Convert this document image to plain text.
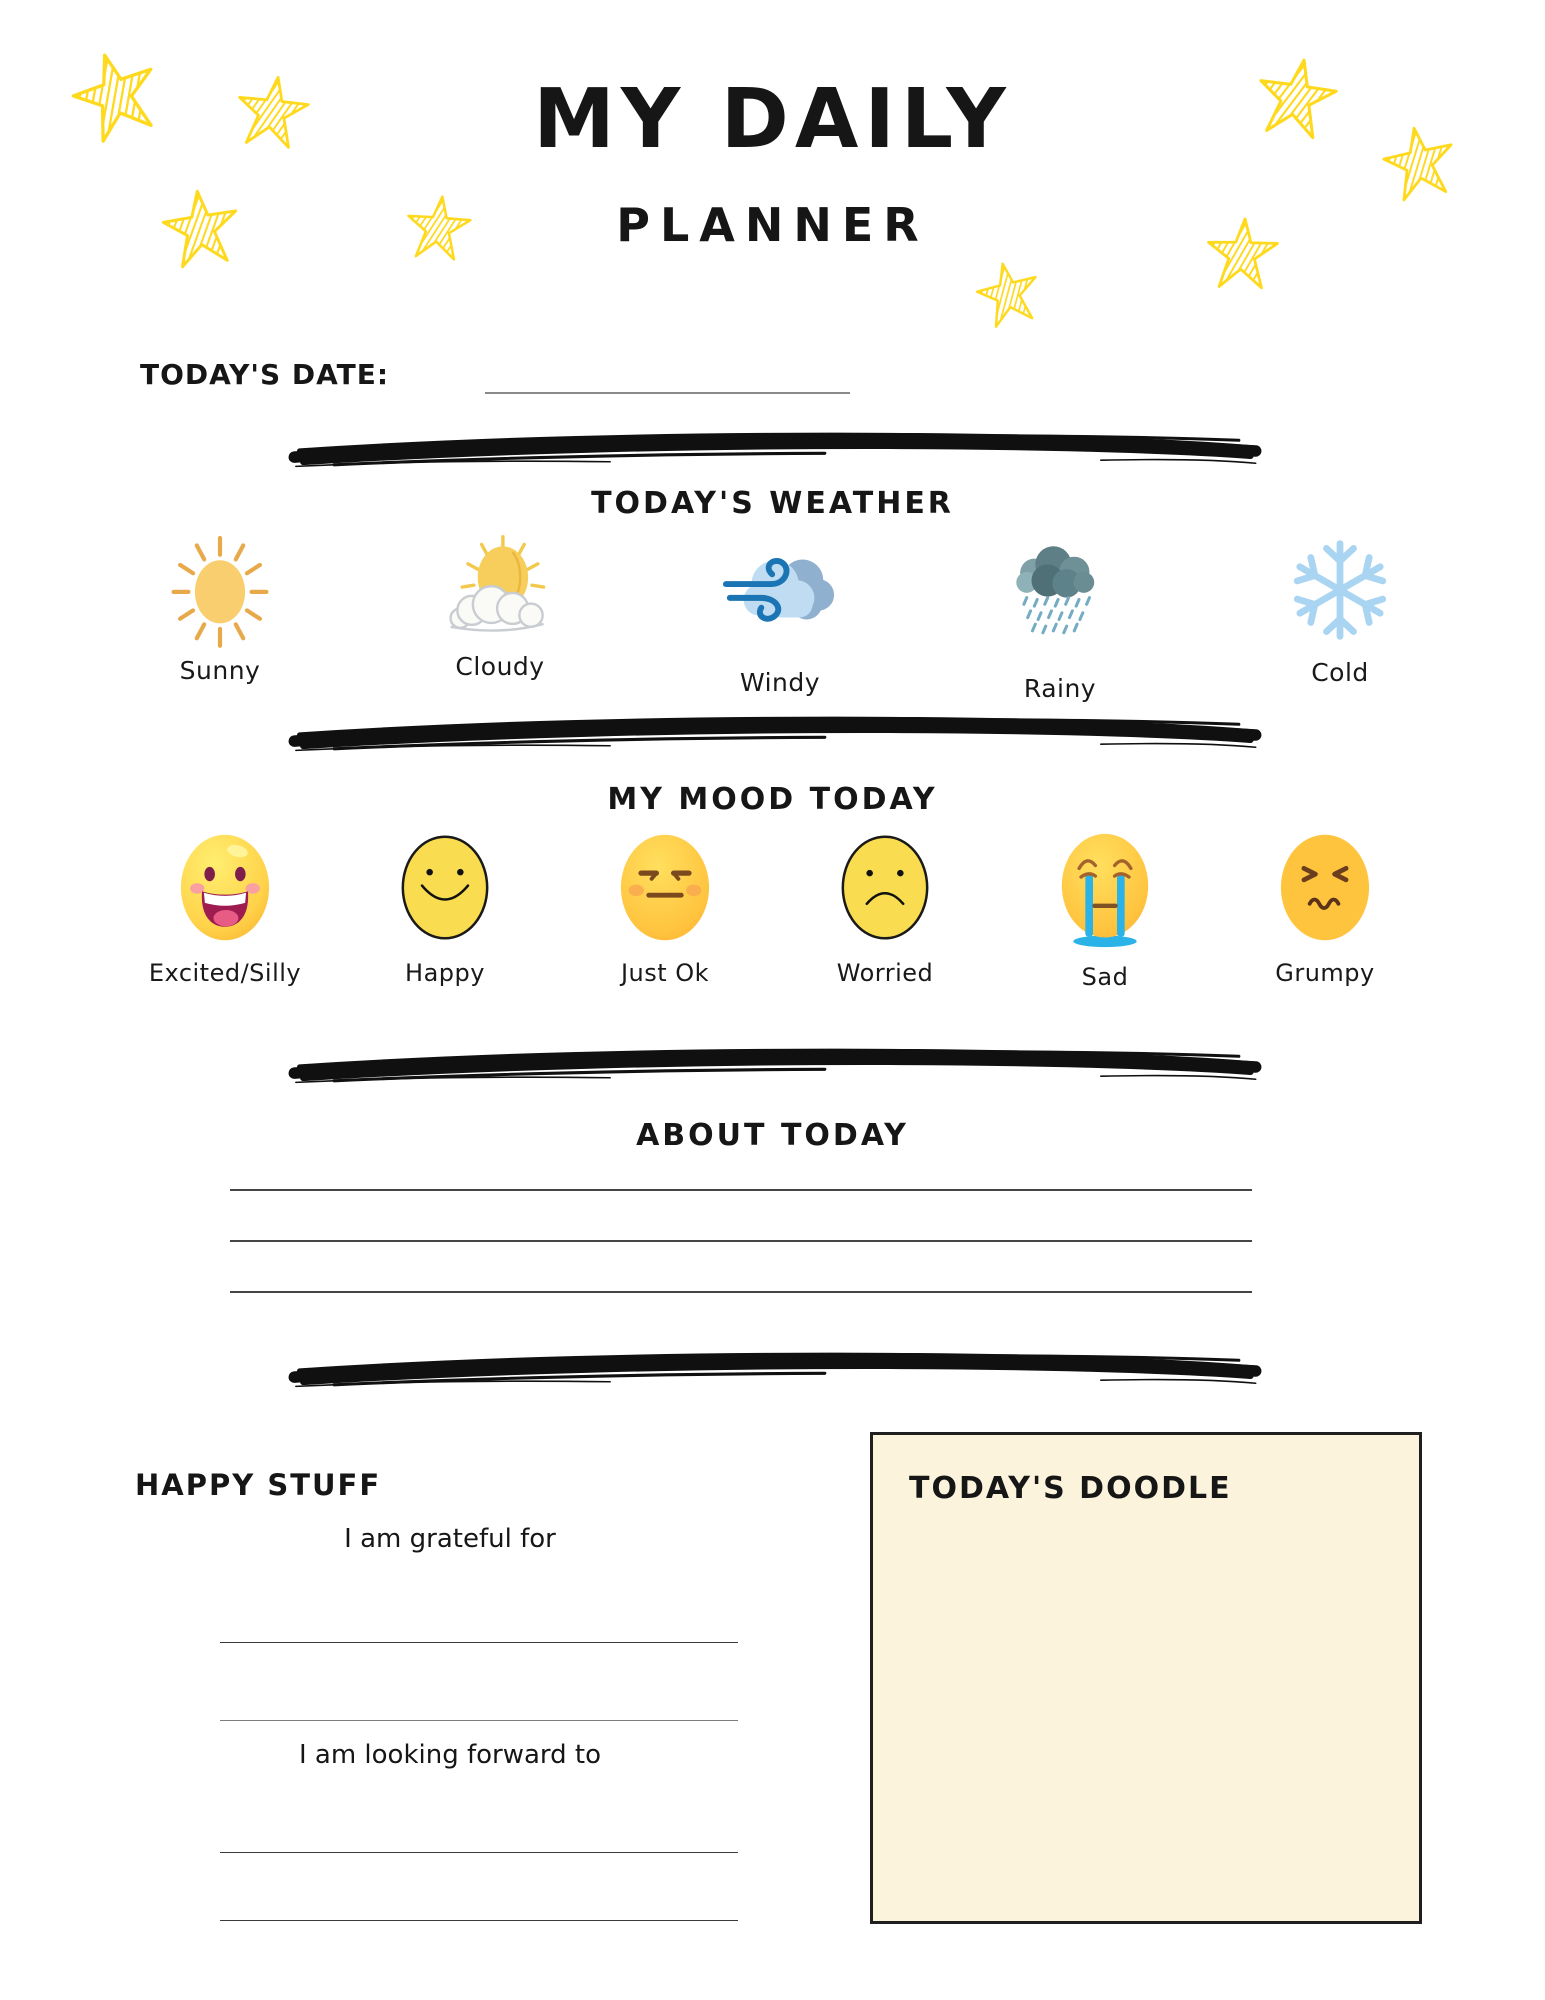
MY DAILY
PLANNER
TODAY'S DATE:
TODAY'S WEATHER
Sunny	Cloudy
Windy	Rainy
Cold
MY MOOD TODAY
Excited/Silly	Happy	Just Ok	Worried	Sad	Grumpy
ABOUT TODAY
HAPPY STUFF
I am grateful for
I am looking forward to
TODAY'S DOODLE
